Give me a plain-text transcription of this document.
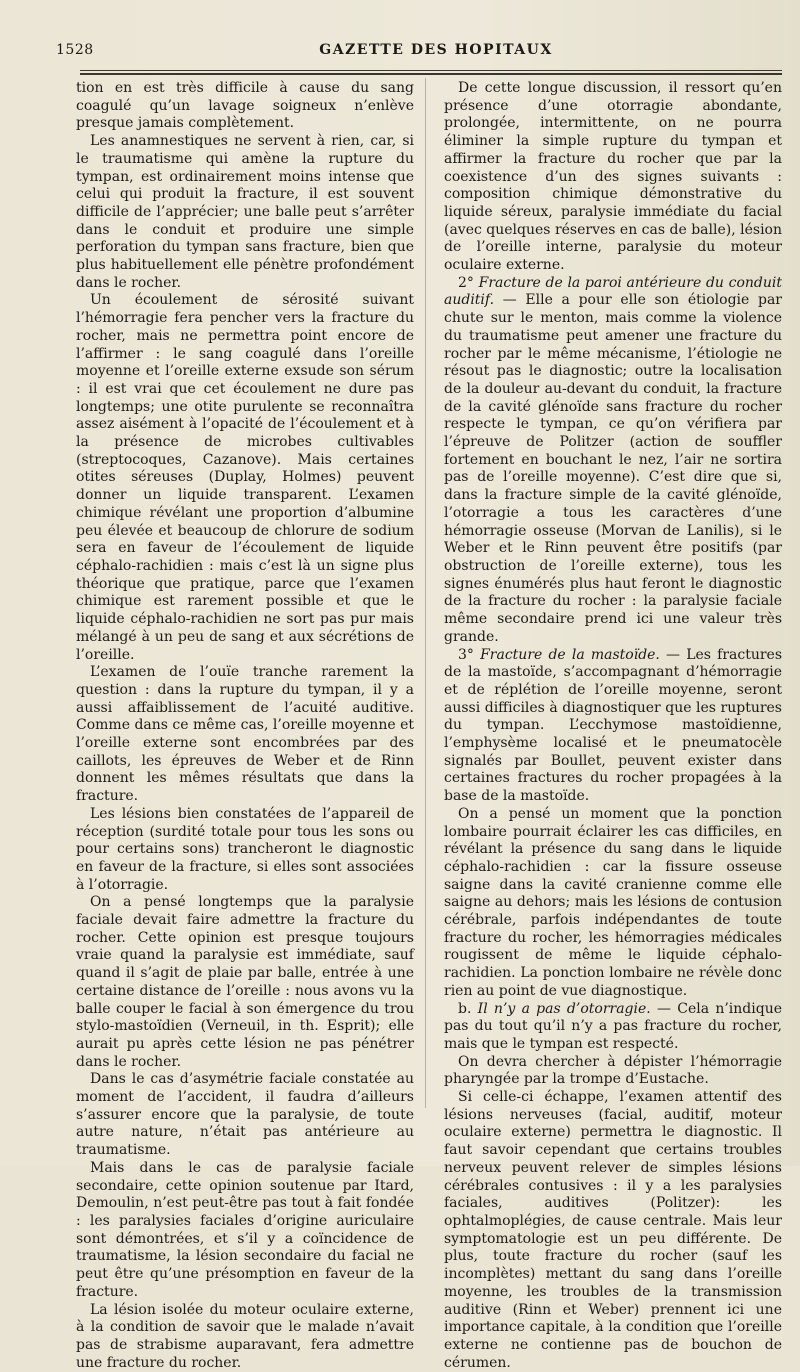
1528	GAZETTE DES HOPITAUX

tion en est très difficile à cause du sang coagulé qu’un lavage soigneux n’enlève presque jamais complètement.

Les anamnestiques ne servent à rien, car, si le traumatisme qui amène la rupture du tympan, est ordinairement moins intense que celui qui produit la fracture, il est souvent difficile de l’apprécier; une balle peut s’arrêter dans le conduit et produire une simple perforation du tympan sans fracture, bien que plus habituellement elle pénètre profondément dans le rocher.

Un écoulement de sérosité suivant l’hémorragie fera pencher vers la fracture du rocher, mais ne permettra point encore de l’affirmer : le sang coagulé dans l’oreille moyenne et l’oreille externe exsude son sérum : il est vrai que cet écoulement ne dure pas longtemps; une otite purulente se reconnaîtra assez aisément à l’opacité de l’écoulement et à la présence de microbes cultivables (streptocoques, Cazanove). Mais certaines otites séreuses (Duplay, Holmes) peuvent donner un liquide transparent. L’examen chimique révélant une proportion d’albumine peu élevée et beaucoup de chlorure de sodium sera en faveur de l’écoulement de liquide céphalo-rachidien : mais c’est là un signe plus théorique que pratique, parce que l’examen chimique est rarement possible et que le liquide céphalo-rachidien ne sort pas pur mais mélangé à un peu de sang et aux sécrétions de l’oreille.

L’examen de l’ouïe tranche rarement la question : dans la rupture du tympan, il y a aussi affaiblissement de l’acuité auditive. Comme dans ce même cas, l’oreille moyenne et l’oreille externe sont encombrées par des caillots, les épreuves de Weber et de Rinn donnent les mêmes résultats que dans la fracture.

Les lésions bien constatées de l’appareil de réception (surdité totale pour tous les sons ou pour certains sons) trancheront le diagnostic en faveur de la fracture, si elles sont associées à l’otorragie.

On a pensé longtemps que la paralysie faciale devait faire admettre la fracture du rocher. Cette opinion est presque toujours vraie quand la paralysie est immédiate, sauf quand il s’agit de plaie par balle, entrée à une certaine distance de l’oreille : nous avons vu la balle couper le facial à son émergence du trou stylo-mastoïdien (Verneuil, in th. Esprit); elle aurait pu après cette lésion ne pas pénétrer dans le rocher.

Dans le cas d’asymétrie faciale constatée au moment de l’accident, il faudra d’ailleurs s’assurer encore que la paralysie, de toute autre nature, n’était pas antérieure au traumatisme.

Mais dans le cas de paralysie faciale secondaire, cette opinion soutenue par Itard, Demoulin, n’est peut-être pas tout à fait fondée : les paralysies faciales d’origine auriculaire sont démontrées, et s’il y a coïncidence de traumatisme, la lésion secondaire du facial ne peut être qu’une présomption en faveur de la fracture.

La lésion isolée du moteur oculaire externe, à la condition de savoir que le malade n’avait pas de strabisme auparavant, fera admettre une fracture du rocher.

De cette longue discussion, il ressort qu’en présence d’une otorragie abondante, prolongée, intermittente, on ne pourra éliminer la simple rupture du tympan et affirmer la fracture du rocher que par la coexistence d’un des signes suivants : composition chimique démonstrative du liquide séreux, paralysie immédiate du facial (avec quelques réserves en cas de balle), lésion de l’oreille interne, paralysie du moteur oculaire externe.

2° Fracture de la paroi antérieure du conduit auditif. — Elle a pour elle son étiologie par chute sur le menton, mais comme la violence du traumatisme peut amener une fracture du rocher par le même mécanisme, l’étiologie ne résout pas le diagnostic; outre la localisation de la douleur au-devant du conduit, la fracture de la cavité glénoïde sans fracture du rocher respecte le tympan, ce qu’on vérifiera par l’épreuve de Politzer (action de souffler fortement en bouchant le nez, l’air ne sortira pas de l’oreille moyenne). C’est dire que si, dans la fracture simple de la cavité glénoïde, l’otorragie a tous les caractères d’une hémorragie osseuse (Morvan de Lanilis), si le Weber et le Rinn peuvent être positifs (par obstruction de l’oreille externe), tous les signes énumérés plus haut feront le diagnostic de la fracture du rocher : la paralysie faciale même secondaire prend ici une valeur très grande.

3° Fracture de la mastoïde. — Les fractures de la mastoïde, s’accompagnant d’hémorragie et de réplétion de l’oreille moyenne, seront aussi difficiles à diagnostiquer que les ruptures du tympan. L’ecchymose mastoïdienne, l’emphysème localisé et le pneumatocèle signalés par Boullet, peuvent exister dans certaines fractures du rocher propagées à la base de la mastoïde.

On a pensé un moment que la ponction lombaire pourrait éclairer les cas difficiles, en révélant la présence du sang dans le liquide céphalo-rachidien : car la fissure osseuse saigne dans la cavité cranienne comme elle saigne au dehors; mais les lésions de contusion cérébrale, parfois indépendantes de toute fracture du rocher, les hémorragies médicales rougissent de même le liquide céphalo-rachidien. La ponction lombaire ne révèle donc rien au point de vue diagnostique.

b. Il n’y a pas d’otorragie. — Cela n’indique pas du tout qu’il n’y a pas fracture du rocher, mais que le tympan est respecté.

On devra chercher à dépister l’hémorragie pharyngée par la trompe d’Eustache.

Si celle-ci échappe, l’examen attentif des lésions nerveuses (facial, auditif, moteur oculaire externe) permettra le diagnostic. Il faut savoir cependant que certains troubles nerveux peuvent relever de simples lésions cérébrales contusives : il y a les paralysies faciales, auditives (Politzer): les ophtalmoplégies, de cause centrale. Mais leur symptomatologie est un peu différente. De plus, toute fracture du rocher (sauf les incomplètes) mettant du sang dans l’oreille moyenne, les troubles de la transmission auditive (Rinn et Weber) prennent ici une importance capitale, à la condition que l’oreille externe ne contienne pas de bouchon de cérumen.
